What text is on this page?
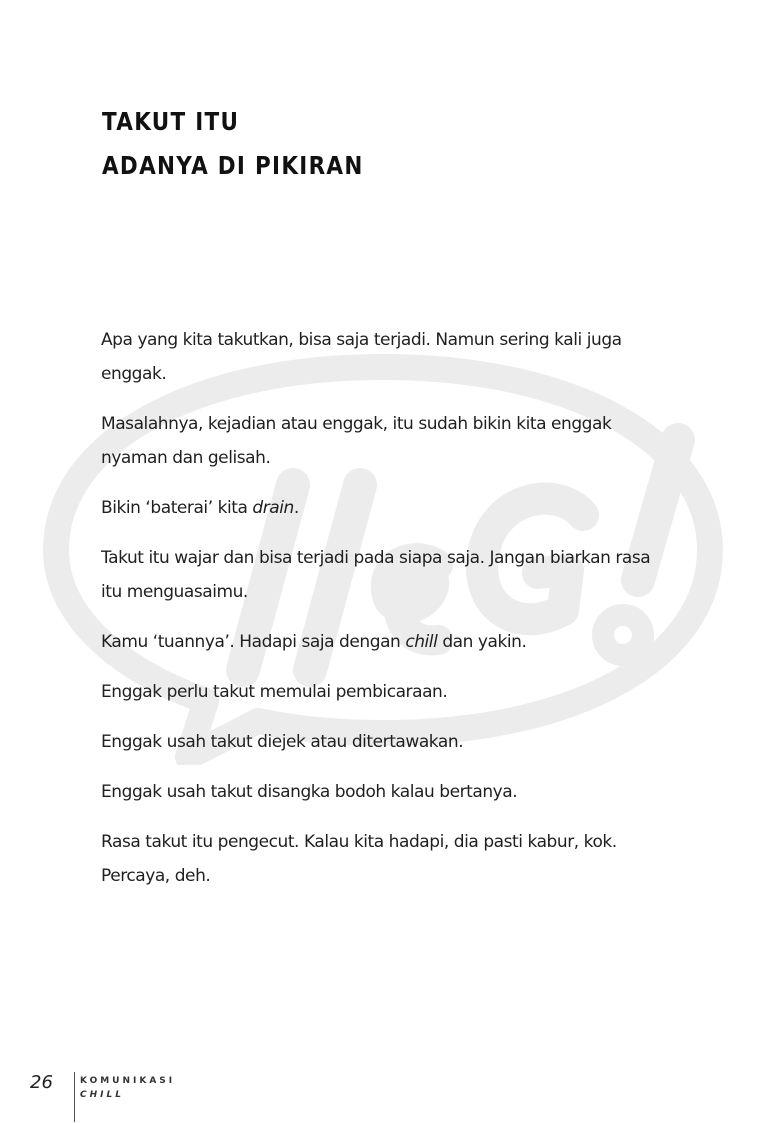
TAKUT ITU
ADANYA DI PIKIRAN

Apa yang kita takutkan, bisa saja terjadi. Namun sering kali juga enggak.

Masalahnya, kejadian atau enggak, itu sudah bikin kita enggak nyaman dan gelisah.

Bikin ‘baterai’ kita drain.

Takut itu wajar dan bisa terjadi pada siapa saja. Jangan biarkan rasa itu menguasaimu.

Kamu ‘tuannya’. Hadapi saja dengan chill dan yakin.

Enggak perlu takut memulai pembicaraan.

Enggak usah takut diejek atau ditertawakan.

Enggak usah takut disangka bodoh kalau bertanya.

Rasa takut itu pengecut. Kalau kita hadapi, dia pasti kabur, kok. Percaya, deh.

26	KOMUNIKASI
CHILL
